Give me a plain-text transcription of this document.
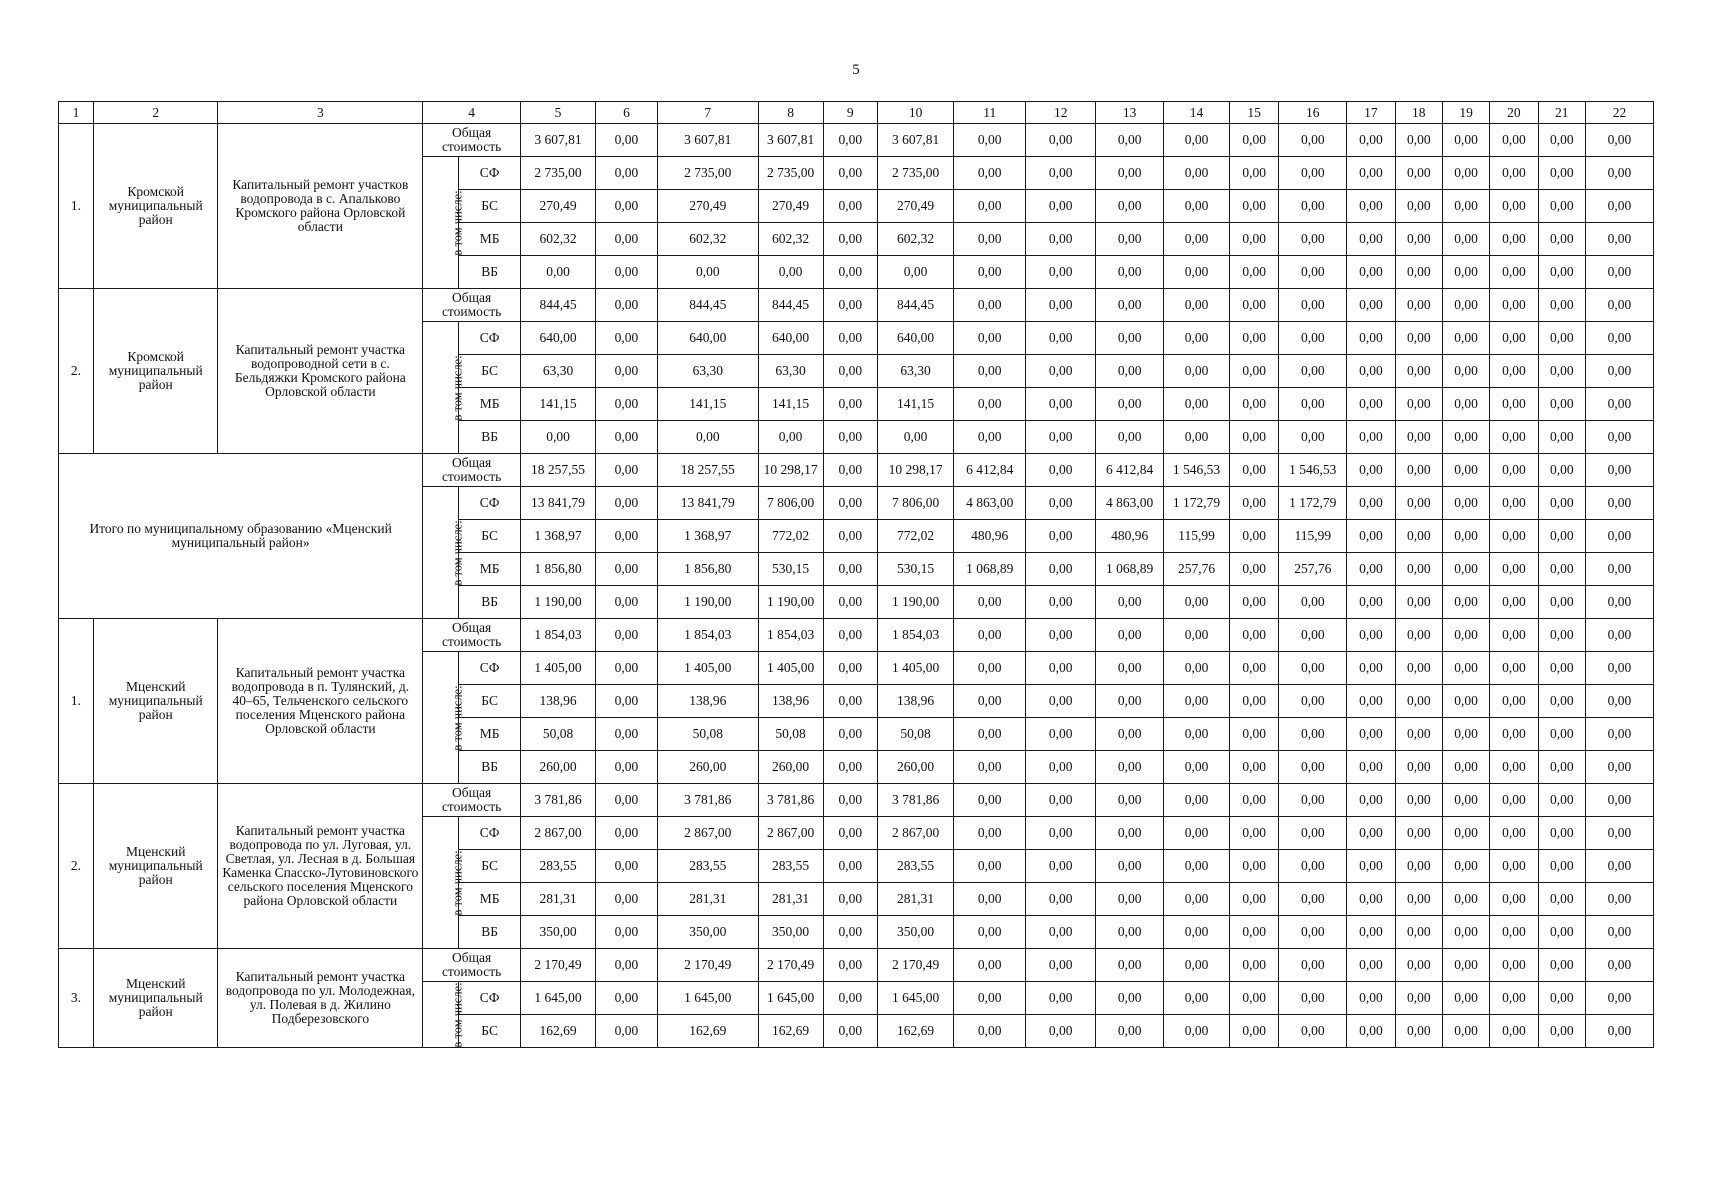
5
1	2	3	4		5	6	7	8	9	10	11	12	13	14	15	16	17	18	19	20	21	22
1.	Кромской муниципальный район	Капитальный ремонт участков водопровода в с. Апальково Кромского района Орловской области	Общая стоимость		3 607,81	0,00	3 607,81	3 607,81	0,00	3 607,81	0,00	0,00	0,00	0,00	0,00	0,00	0,00	0,00	0,00	0,00	0,00	0,00
			в том числе:	СФ	2 735,00	0,00	2 735,00	2 735,00	0,00	2 735,00	0,00	0,00	0,00	0,00	0,00	0,00	0,00	0,00	0,00	0,00	0,00	0,00
				БС	270,49	0,00	270,49	270,49	0,00	270,49	0,00	0,00	0,00	0,00	0,00	0,00	0,00	0,00	0,00	0,00	0,00	0,00
				МБ	602,32	0,00	602,32	602,32	0,00	602,32	0,00	0,00	0,00	0,00	0,00	0,00	0,00	0,00	0,00	0,00	0,00	0,00
				ВБ	0,00	0,00	0,00	0,00	0,00	0,00	0,00	0,00	0,00	0,00	0,00	0,00	0,00	0,00	0,00	0,00	0,00	0,00
2.	Кромской муниципальный район	Капитальный ремонт участка водопроводной сети в с. Бельдяжки Кромского района Орловской области	Общая стоимость		844,45	0,00	844,45	844,45	0,00	844,45	0,00	0,00	0,00	0,00	0,00	0,00	0,00	0,00	0,00	0,00	0,00	0,00
			в том числе:	СФ	640,00	0,00	640,00	640,00	0,00	640,00	0,00	0,00	0,00	0,00	0,00	0,00	0,00	0,00	0,00	0,00	0,00	0,00
				БС	63,30	0,00	63,30	63,30	0,00	63,30	0,00	0,00	0,00	0,00	0,00	0,00	0,00	0,00	0,00	0,00	0,00	0,00
				МБ	141,15	0,00	141,15	141,15	0,00	141,15	0,00	0,00	0,00	0,00	0,00	0,00	0,00	0,00	0,00	0,00	0,00	0,00
				ВБ	0,00	0,00	0,00	0,00	0,00	0,00	0,00	0,00	0,00	0,00	0,00	0,00	0,00	0,00	0,00	0,00	0,00	0,00
Итого по муниципальному образованию «Мценский муниципальный район»			Общая стоимость		18 257,55	0,00	18 257,55	10 298,17	0,00	10 298,17	6 412,84	0,00	6 412,84	1 546,53	0,00	1 546,53	0,00	0,00	0,00	0,00	0,00	0,00
			в том числе:	СФ	13 841,79	0,00	13 841,79	7 806,00	0,00	7 806,00	4 863,00	0,00	4 863,00	1 172,79	0,00	1 172,79	0,00	0,00	0,00	0,00	0,00	0,00
				БС	1 368,97	0,00	1 368,97	772,02	0,00	772,02	480,96	0,00	480,96	115,99	0,00	115,99	0,00	0,00	0,00	0,00	0,00	0,00
				МБ	1 856,80	0,00	1 856,80	530,15	0,00	530,15	1 068,89	0,00	1 068,89	257,76	0,00	257,76	0,00	0,00	0,00	0,00	0,00	0,00
				ВБ	1 190,00	0,00	1 190,00	1 190,00	0,00	1 190,00	0,00	0,00	0,00	0,00	0,00	0,00	0,00	0,00	0,00	0,00	0,00	0,00
1.	Мценский муниципальный район	Капитальный ремонт участка водопровода в п. Тулянский, д. 40–65, Тельченского сельского поселения Мценского района Орловской области	Общая стоимость		1 854,03	0,00	1 854,03	1 854,03	0,00	1 854,03	0,00	0,00	0,00	0,00	0,00	0,00	0,00	0,00	0,00	0,00	0,00	0,00
			в том числе:	СФ	1 405,00	0,00	1 405,00	1 405,00	0,00	1 405,00	0,00	0,00	0,00	0,00	0,00	0,00	0,00	0,00	0,00	0,00	0,00	0,00
				БС	138,96	0,00	138,96	138,96	0,00	138,96	0,00	0,00	0,00	0,00	0,00	0,00	0,00	0,00	0,00	0,00	0,00	0,00
				МБ	50,08	0,00	50,08	50,08	0,00	50,08	0,00	0,00	0,00	0,00	0,00	0,00	0,00	0,00	0,00	0,00	0,00	0,00
				ВБ	260,00	0,00	260,00	260,00	0,00	260,00	0,00	0,00	0,00	0,00	0,00	0,00	0,00	0,00	0,00	0,00	0,00	0,00
2.	Мценский муниципальный район	Капитальный ремонт участка водопровода по ул. Луговая, ул. Светлая, ул. Лесная в д. Большая Каменка Спасско-Лутовиновского сельского поселения Мценского района Орловской области	Общая стоимость		3 781,86	0,00	3 781,86	3 781,86	0,00	3 781,86	0,00	0,00	0,00	0,00	0,00	0,00	0,00	0,00	0,00	0,00	0,00	0,00
			в том числе:	СФ	2 867,00	0,00	2 867,00	2 867,00	0,00	2 867,00	0,00	0,00	0,00	0,00	0,00	0,00	0,00	0,00	0,00	0,00	0,00	0,00
				БС	283,55	0,00	283,55	283,55	0,00	283,55	0,00	0,00	0,00	0,00	0,00	0,00	0,00	0,00	0,00	0,00	0,00	0,00
				МБ	281,31	0,00	281,31	281,31	0,00	281,31	0,00	0,00	0,00	0,00	0,00	0,00	0,00	0,00	0,00	0,00	0,00	0,00
				ВБ	350,00	0,00	350,00	350,00	0,00	350,00	0,00	0,00	0,00	0,00	0,00	0,00	0,00	0,00	0,00	0,00	0,00	0,00
3.	Мценский муниципальный район	Капитальный ремонт участка водопровода по ул. Молодежная, ул. Полевая в д. Жилино Подберезовского	Общая стоимость		2 170,49	0,00	2 170,49	2 170,49	0,00	2 170,49	0,00	0,00	0,00	0,00	0,00	0,00	0,00	0,00	0,00	0,00	0,00	0,00
			в том числе:	СФ	1 645,00	0,00	1 645,00	1 645,00	0,00	1 645,00	0,00	0,00	0,00	0,00	0,00	0,00	0,00	0,00	0,00	0,00	0,00	0,00
				БС	162,69	0,00	162,69	162,69	0,00	162,69	0,00	0,00	0,00	0,00	0,00	0,00	0,00	0,00	0,00	0,00	0,00	0,00
